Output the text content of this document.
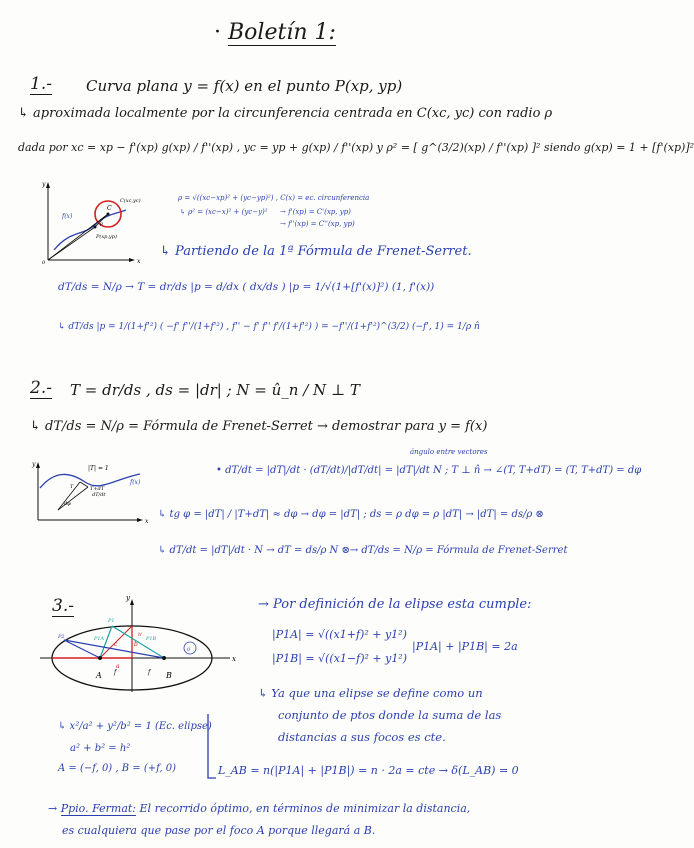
· Boletín 1:
1.- Curva plana y = f(x) en el punto P(xp, yp)
↳ aproximada localmente por la circunferencia centrada en C(xc, yc) con radio ρ
dada por xc = xp − f'(xp) g(xp) / f''(xp) , yc = yp + g(xp) / f''(xp) y ρ² = [ g^(3/2)(xp) / f''(xp) ]² siendo g(xp) = 1 + [f'(xp)]²
C
C(xc,yc)
f(x)
P(xp,yp)
ρ
y
x
0
ρ = √((xc−xp)² + (yc−yp)²) , C(x) = ec. circunferencia
↳ ρ² = (xc−x)² + (yc−y)² → f'(xp) = C'(xp, yp)
→ f''(xp) = C''(xp, yp)
↳ Partiendo de la 1ª Fórmula de Frenet-Serret.
dT/ds = N/ρ → T = dr/ds |p = d/dx ( dx/ds ) |p = 1/√(1+[f'(x)]²) (1, f'(x))
↳ dT/ds |p = 1/(1+f'²) ( −f' f''/(1+f'²) , f'' − f' f'' f'/(1+f'²) ) = −f''/(1+f'²)^(3/2) (−f', 1) = 1/ρ n̂
2.- T = dr/ds , ds = |dr| ; N = û_n / N ⊥ T
↳ dT/ds = N/ρ = Fórmula de Frenet-Serret → demostrar para y = f(x)
|T| = 1
f(x)
T+dT
T
dφ
dT/dt
y
x
ángulo entre vectores
• dT/dt = |dT|/dt · (dT/dt)/|dT/dt| = |dT|/dt N ; T ⊥ n̂ → ∠(T, T+dT) = (T, T+dT) = dφ
↳ tg φ = |dT| / |T+dT| ≈ dφ → dφ = |dT| ; ds = ρ dφ = ρ |dT| → |dT| = ds/ρ ⊗
↳ dT/dt = |dT|/dt · N → dT = ds/ρ N ⊗→ dT/ds = N/ρ = Fórmula de Frenet-Serret
3.-	y
a
b
c
f	f
A	B
P1
P2	P1A	P1B
b'
x
0
→ Por definición de la elipse esta cumple:
|P1A| = √((x1+f)² + y1²)
|P1B| = √((x1−f)² + y1²)
|P1A| + |P1B| = 2a
↳ Ya que una elipse se define como un
conjunto de ptos donde la suma de las
distancias a sus focos es cte.
↳ x²/a² + y²/b² = 1 (Ec. elipse)
a² + b² = h²
A = (−f, 0) , B = (+f, 0)	L_AB = n(|P1A| + |P1B|) = n · 2a = cte → δ(L_AB) = 0
→ Ppio. Fermat: El recorrido óptimo, en términos de minimizar la distancia,
es cualquiera que pase por el foco A porque llegará a B.
